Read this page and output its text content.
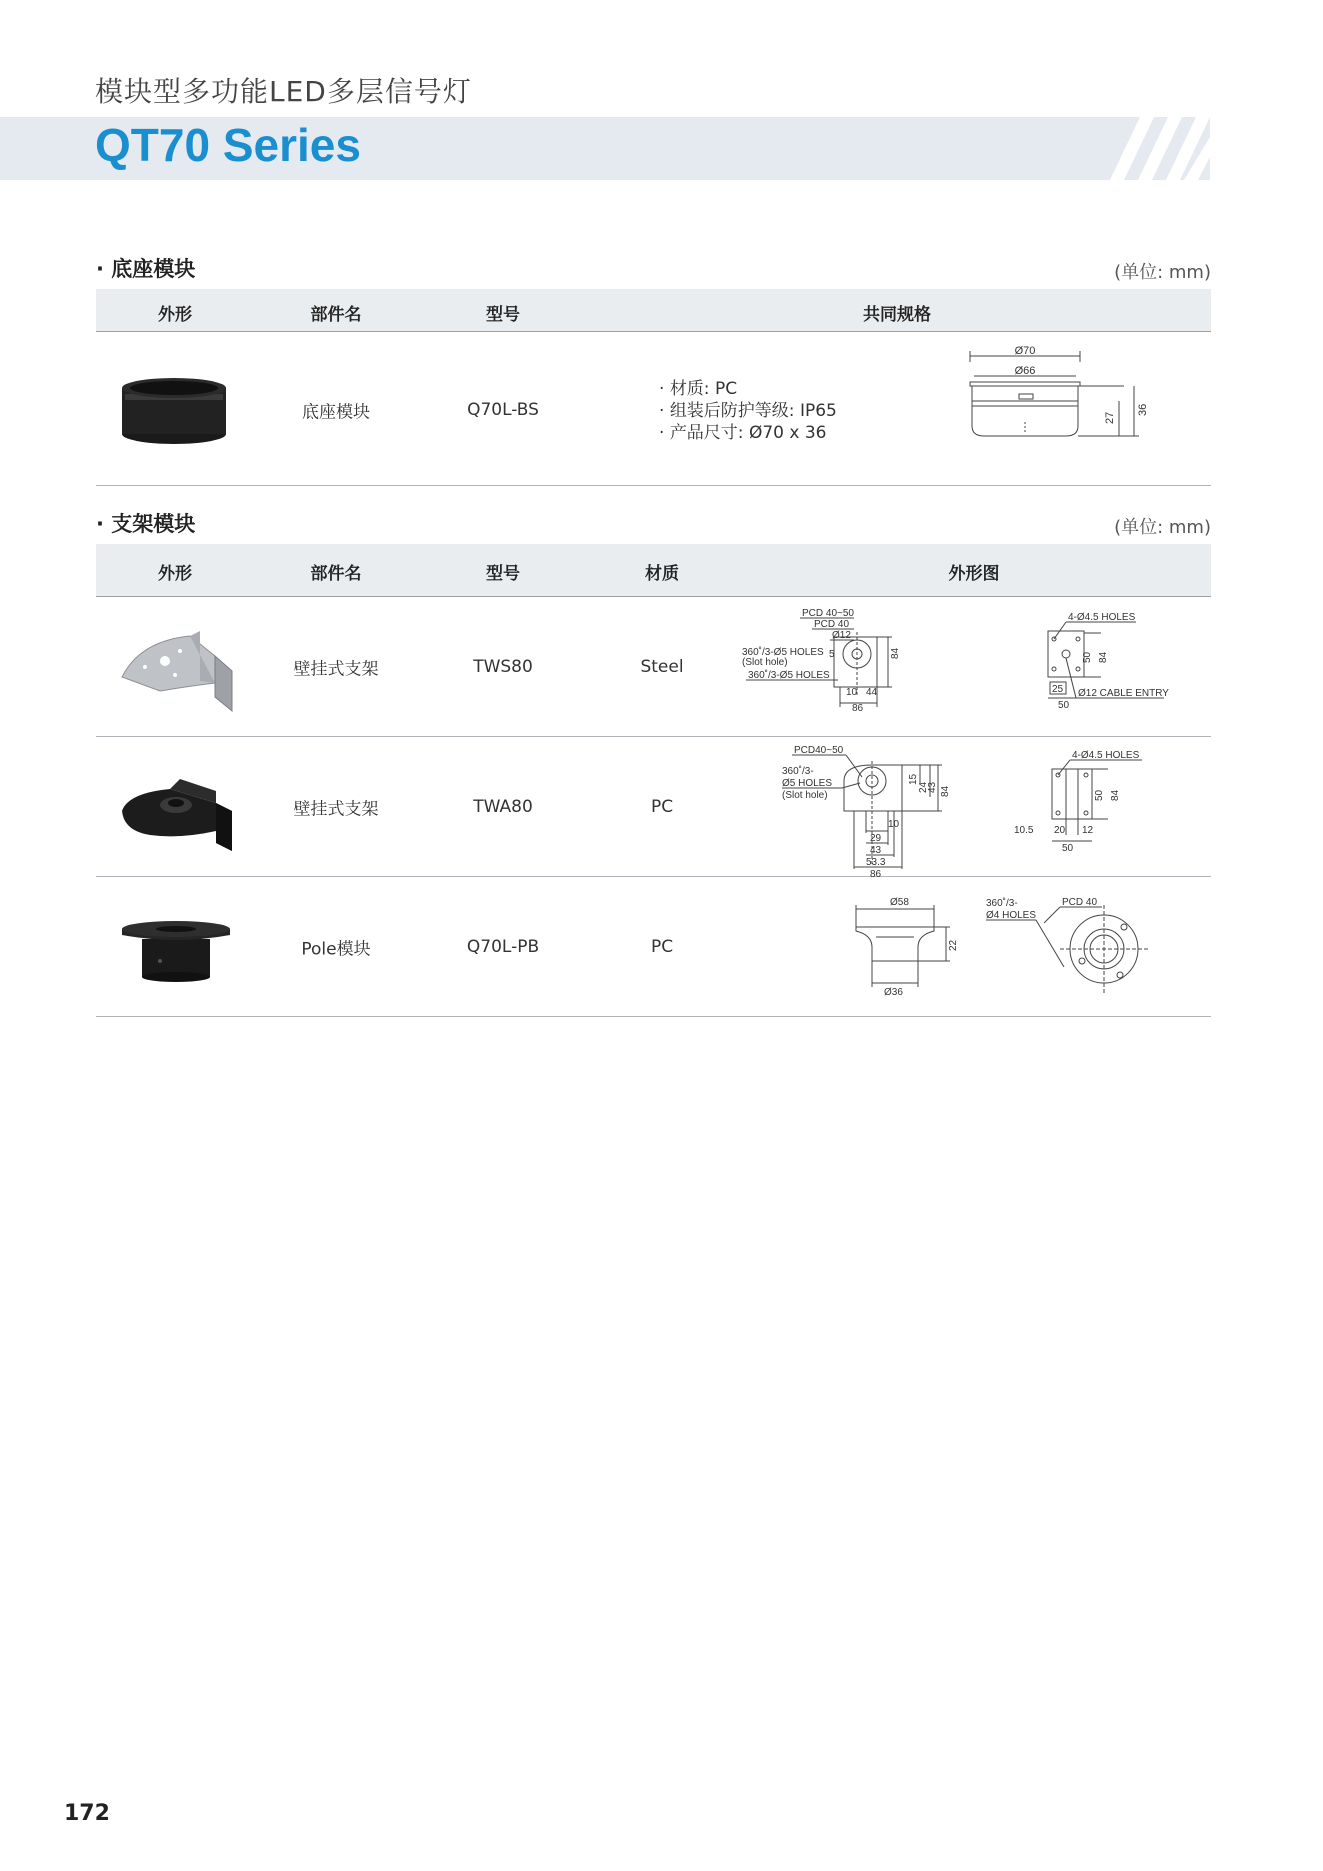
模块型多功能LED多层信号灯
QT70 Series
· 底座模块	(单位: mm)
外形	部件名	型号	共同规格
底座模块	Q70L-BS
· 材质: PC
· 组装后防护等级: IP65
· 产品尺寸: Ø70 x 36
Ø70
Ø66
27
36
· 支架模块	(单位: mm)
外形	部件名	型号	材质	外形图
壁挂式支架	TWS80	Steel
PCD 40~50
PCD 40
Ø12
360˚/3-Ø5 HOLES
(Slot hole)
360˚/3-Ø5 HOLES
5	84
10 44
86
4-Ø4.5 HOLES
50 84
25
50
Ø12 CABLE ENTRY
壁挂式支架	TWA80	PC
PCD40~50
360˚/3-
Ø5 HOLES
(Slot hole)
15
24
43 84
10
29
43
53.3
86
4-Ø4.5 HOLES
50 84
10.5 20 12
50
Pole模块	Q70L-PB	PC
Ø58
22
Ø36
PCD 40
360˚/3-
Ø4 HOLES
172
